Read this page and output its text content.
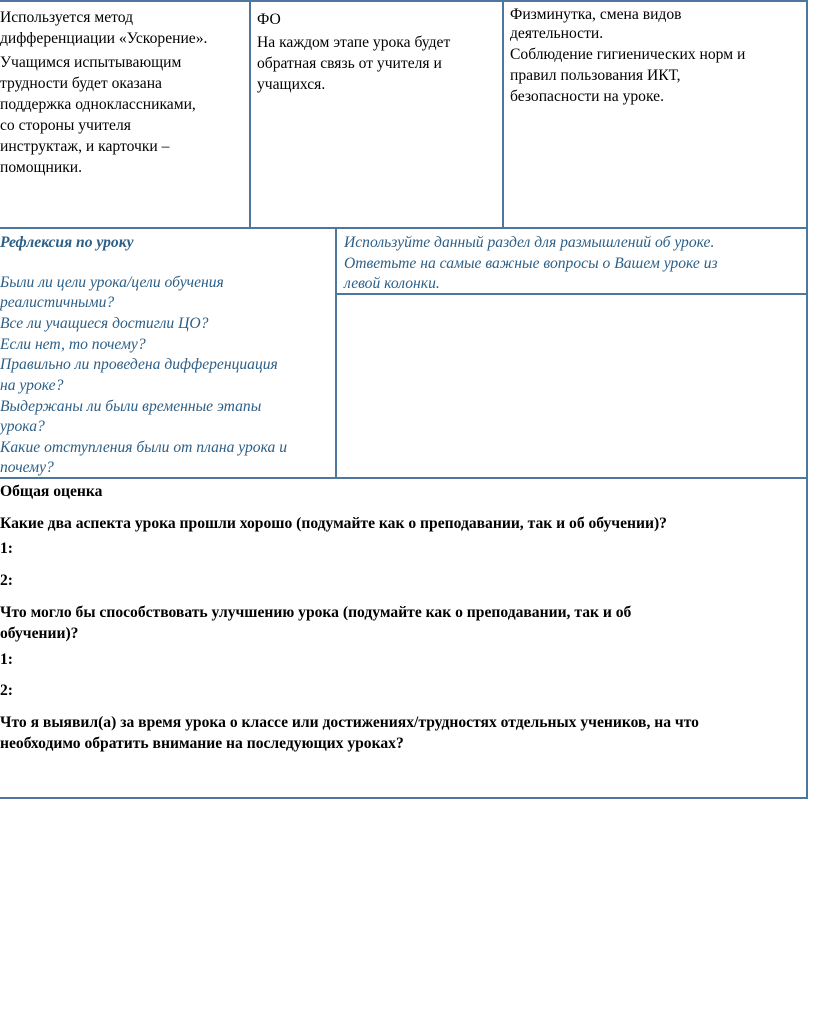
Используется метод
дифференциации «Ускорение».
Учащимся испытывающим
трудности будет оказана
поддержка одноклассниками,
со стороны учителя
инструктаж, и карточки –
помощники.
ФО
На каждом этапе урока будет
обратная связь от учителя и
учащихся.
Физминутка, смена видов
деятельности.
Соблюдение гигиенических норм и
правил пользования ИКТ,
безопасности на уроке.
Рефлексия по уроку
Были ли цели урока/цели обучения
реалистичными?
Все ли учащиеся достигли ЦО?
Если нет, то почему?
Правильно ли проведена дифференциация
на уроке?
Выдержаны ли были временные этапы
урока?
Какие отступления были от плана урока и
почему?
Используйте данный раздел для размышлений об уроке.
Ответьте на самые важные вопросы о Вашем уроке из
левой колонки.
Общая оценка
Какие два аспекта урока прошли хорошо (подумайте как о преподавании, так и об обучении)?
1:
2:
Что могло бы способствовать улучшению урока (подумайте как о преподавании, так и об
обучении)?
1:
2:
Что я выявил(а) за время урока о классе или достижениях/трудностях отдельных учеников, на что
необходимо обратить внимание на последующих уроках?
